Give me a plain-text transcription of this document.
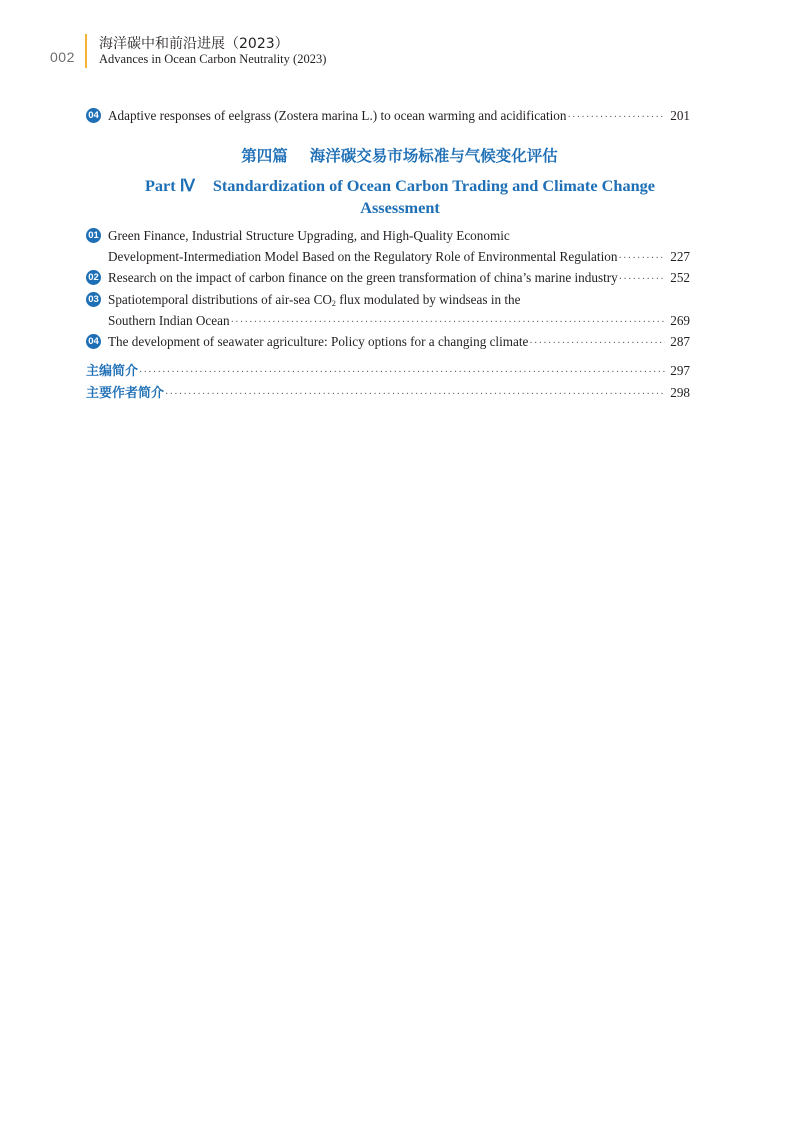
002
海洋碳中和前沿进展（2023）
Advances in Ocean Carbon Neutrality (2023)
04 Adaptive responses of eelgrass (Zostera marina L.) to ocean warming and acidification ·····	201
第四篇 海洋碳交易市场标准与气候变化评估
Part Ⅳ Standardization of Ocean Carbon Trading and Climate Change
Assessment
01 Green Finance, Industrial Structure Upgrading, and High-Quality Economic
Development-Intermediation Model Based on the Regulatory Role of Environmental Regulation ·····	227
02 Research on the impact of carbon finance on the green transformation of china’s marine industry ·····	252
03 Spatiotemporal distributions of air-sea $CO_2$ flux modulated by windseas in the
Southern Indian Ocean ·····	269
04 The development of seawater agriculture: Policy options for a changing climate ·····	287
主编简介 ·····	297
主要作者简介 ·····	298
